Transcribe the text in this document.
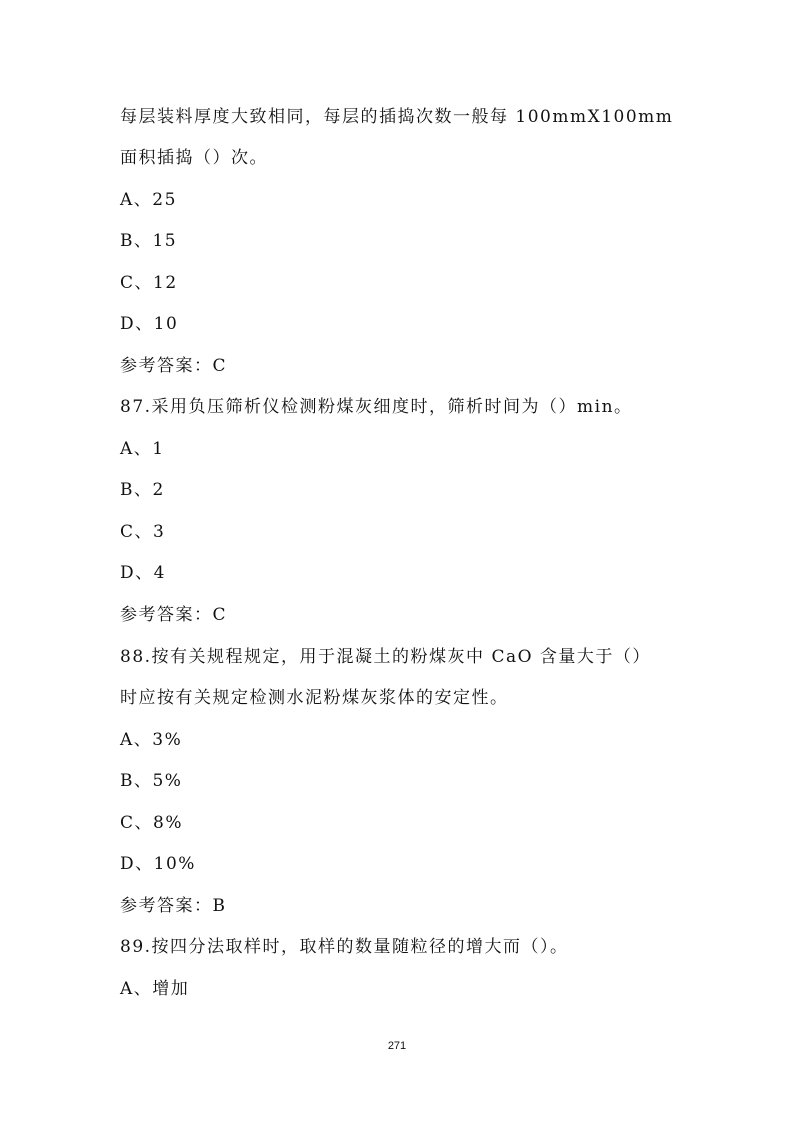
每层装料厚度大致相同，每层的插捣次数一般每 100mmX100mm
面积插捣（）次。
A、25
B、15
C、12
D、10
参考答案：C
87.采用负压筛析仪检测粉煤灰细度时，筛析时间为（）min。
A、1
B、2
C、3
D、4
参考答案：C
88.按有关规程规定，用于混凝土的粉煤灰中 CaO 含量大于（）
时应按有关规定检测水泥粉煤灰浆体的安定性。
A、3%
B、5%
C、8%
D、10%
参考答案：B
89.按四分法取样时，取样的数量随粒径的增大而（）。
A、增加
271
